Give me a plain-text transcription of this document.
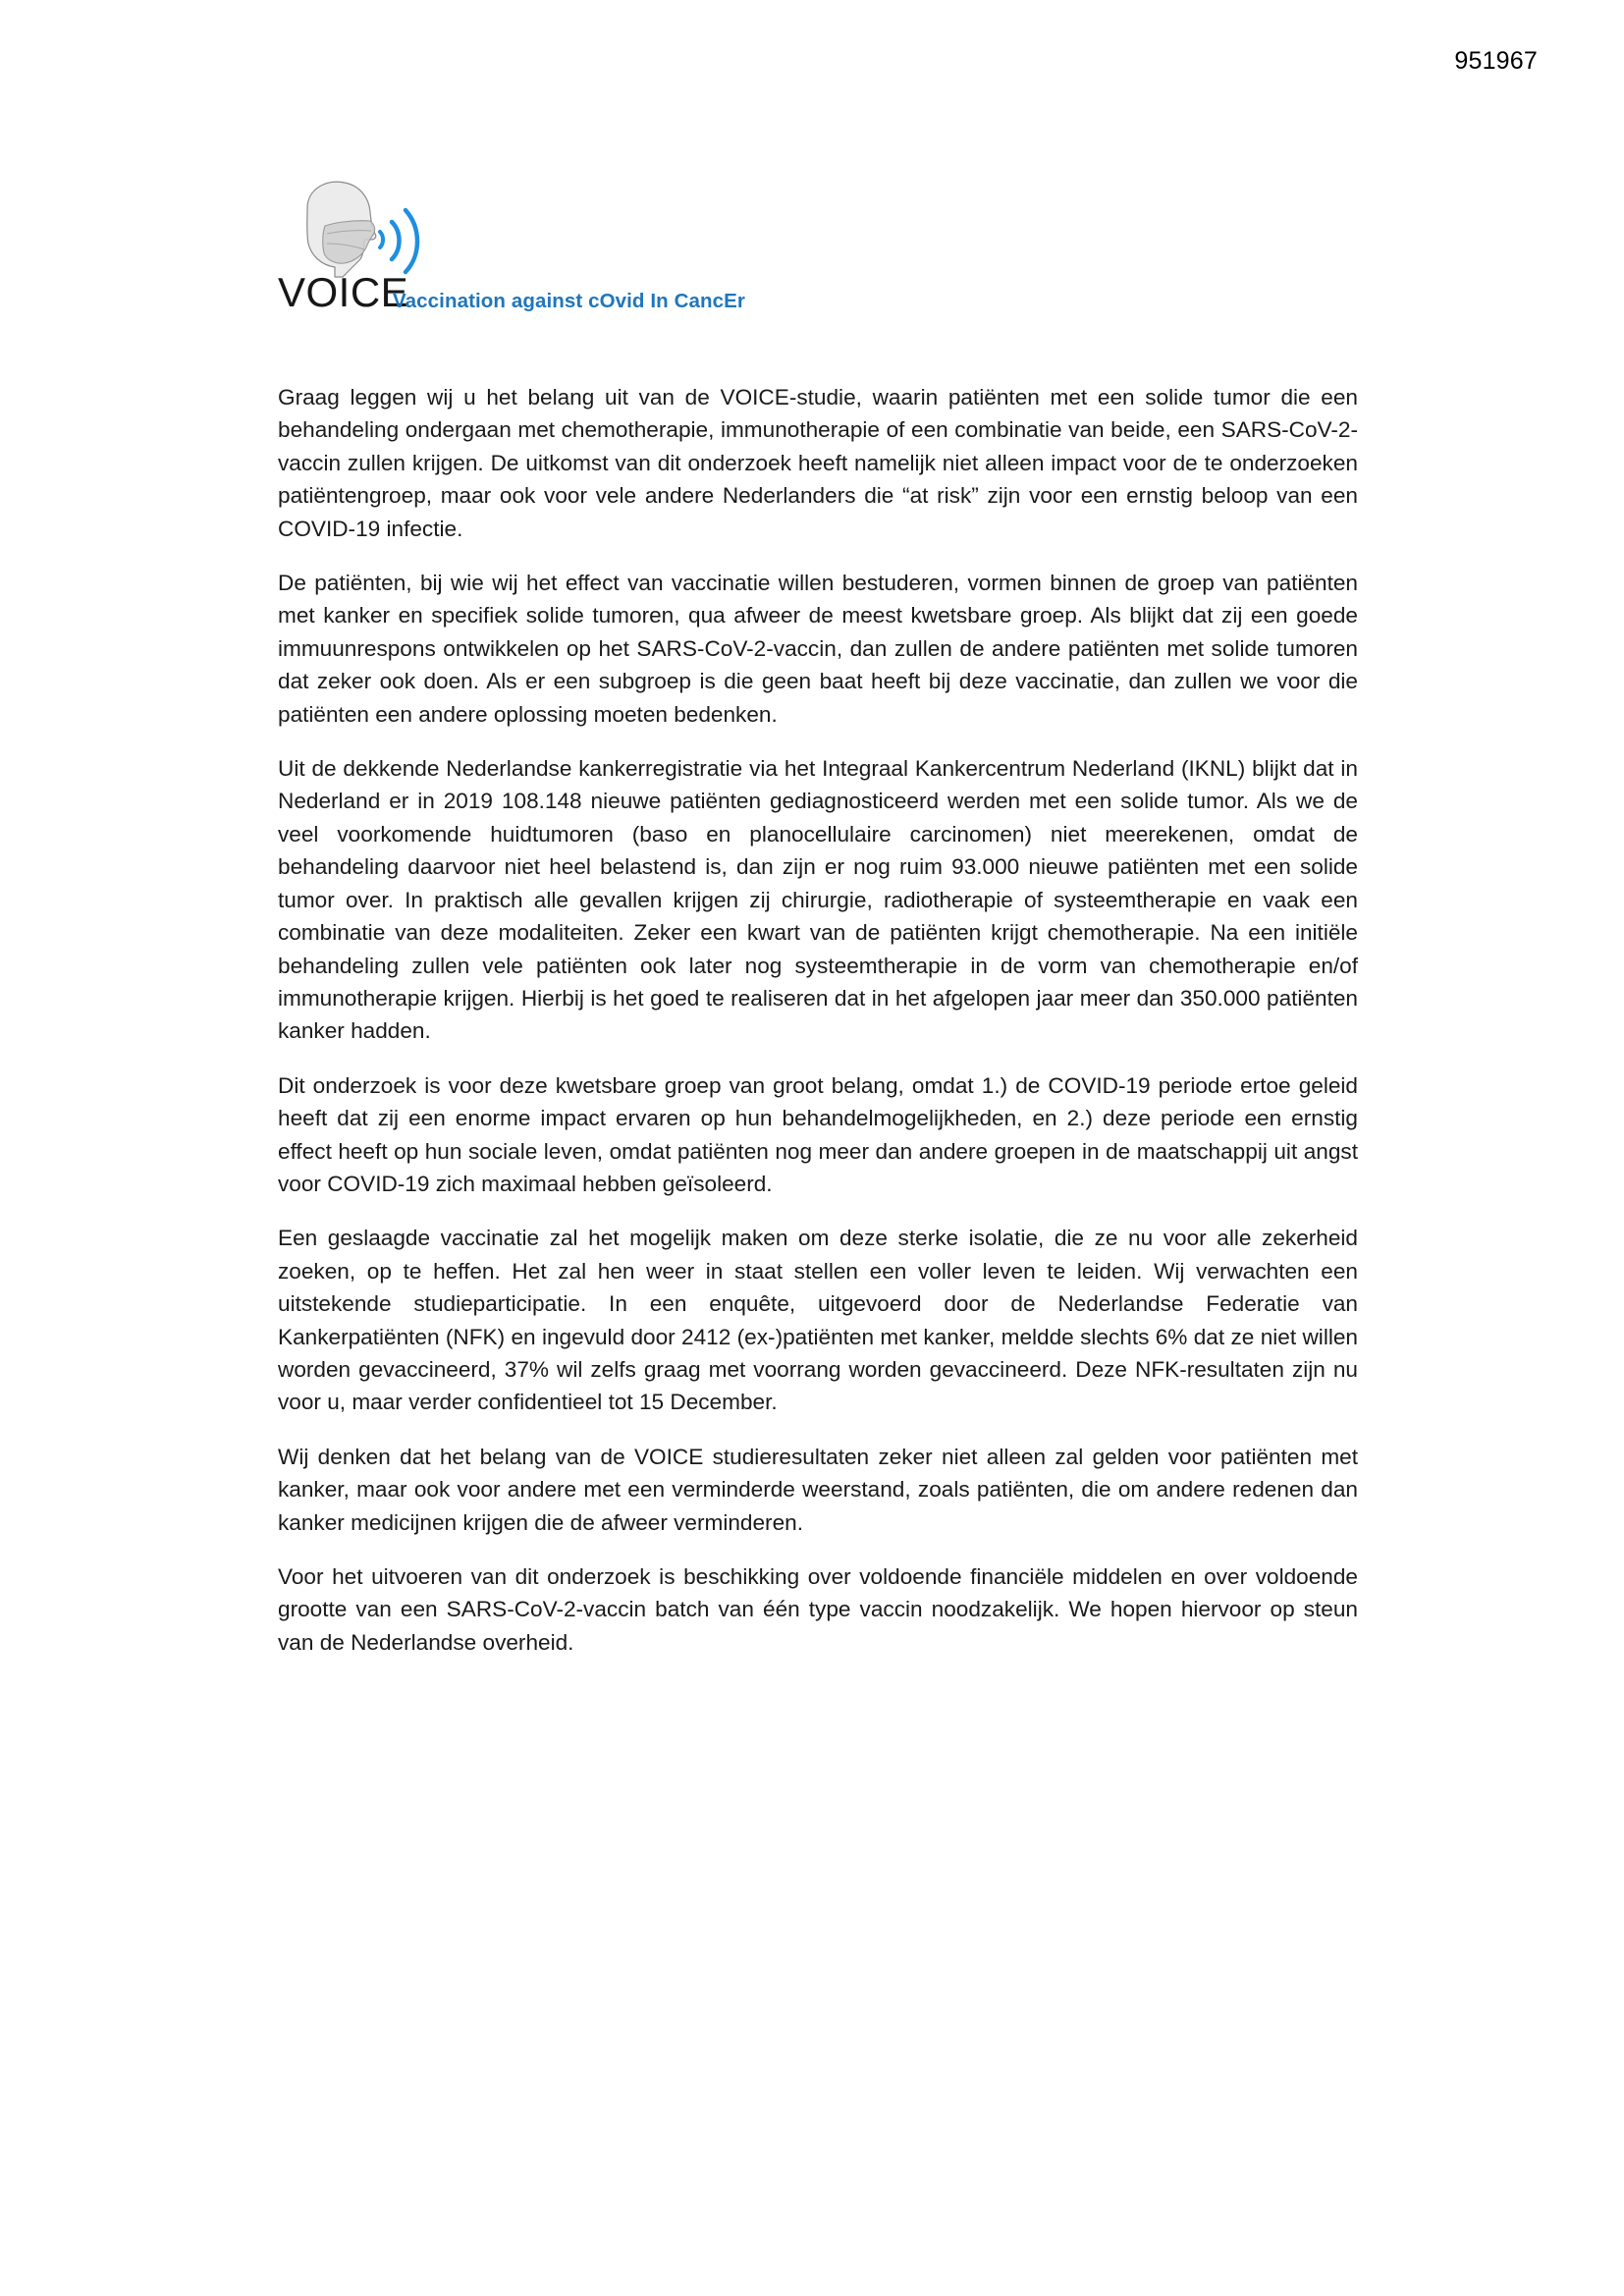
951967
VOICE
Vaccination against cOvid In CancEr

Graag leggen wij u het belang uit van de VOICE-studie, waarin patiënten met een solide tumor die een behandeling ondergaan met chemotherapie, immunotherapie of een combinatie van beide, een SARS-CoV-2-vaccin zullen krijgen. De uitkomst van dit onderzoek heeft namelijk niet alleen impact voor de te onderzoeken patiëntengroep, maar ook voor vele andere Nederlanders die “at risk” zijn voor een ernstig beloop van een COVID-19 infectie.

De patiënten, bij wie wij het effect van vaccinatie willen bestuderen, vormen binnen de groep van patiënten met kanker en specifiek solide tumoren, qua afweer de meest kwetsbare groep. Als blijkt dat zij een goede immuunrespons ontwikkelen op het SARS-CoV-2-vaccin, dan zullen de andere patiënten met solide tumoren dat zeker ook doen. Als er een subgroep is die geen baat heeft bij deze vaccinatie, dan zullen we voor die patiënten een andere oplossing moeten bedenken.

Uit de dekkende Nederlandse kankerregistratie via het Integraal Kankercentrum Nederland (IKNL) blijkt dat in Nederland er in 2019 108.148 nieuwe patiënten gediagnosticeerd werden met een solide tumor. Als we de veel voorkomende huidtumoren (baso en planocellulaire carcinomen) niet meerekenen, omdat de behandeling daarvoor niet heel belastend is, dan zijn er nog ruim 93.000 nieuwe patiënten met een solide tumor over. In praktisch alle gevallen krijgen zij chirurgie, radiotherapie of systeemtherapie en vaak een combinatie van deze modaliteiten. Zeker een kwart van de patiënten krijgt chemotherapie. Na een initiële behandeling zullen vele patiënten ook later nog systeemtherapie in de vorm van chemotherapie en/of immunotherapie krijgen. Hierbij is het goed te realiseren dat in het afgelopen jaar meer dan 350.000 patiënten kanker hadden.

Dit onderzoek is voor deze kwetsbare groep van groot belang, omdat 1.) de COVID-19 periode ertoe geleid heeft dat zij een enorme impact ervaren op hun behandelmogelijkheden, en 2.) deze periode een ernstig effect heeft op hun sociale leven, omdat patiënten nog meer dan andere groepen in de maatschappij uit angst voor COVID-19 zich maximaal hebben geïsoleerd.

Een geslaagde vaccinatie zal het mogelijk maken om deze sterke isolatie, die ze nu voor alle zekerheid zoeken, op te heffen. Het zal hen weer in staat stellen een voller leven te leiden. Wij verwachten een uitstekende studieparticipatie. In een enquête, uitgevoerd door de Nederlandse Federatie van Kankerpatiënten (NFK) en ingevuld door 2412 (ex-)patiënten met kanker, meldde slechts 6% dat ze niet willen worden gevaccineerd, 37% wil zelfs graag met voorrang worden gevaccineerd. Deze NFK-resultaten zijn nu voor u, maar verder confidentieel tot 15 December.

Wij denken dat het belang van de VOICE studieresultaten zeker niet alleen zal gelden voor patiënten met kanker, maar ook voor andere met een verminderde weerstand, zoals patiënten, die om andere redenen dan kanker medicijnen krijgen die de afweer verminderen.

Voor het uitvoeren van dit onderzoek is beschikking over voldoende financiële middelen en over voldoende grootte van een SARS-CoV-2-vaccin batch van één type vaccin noodzakelijk. We hopen hiervoor op steun van de Nederlandse overheid.
